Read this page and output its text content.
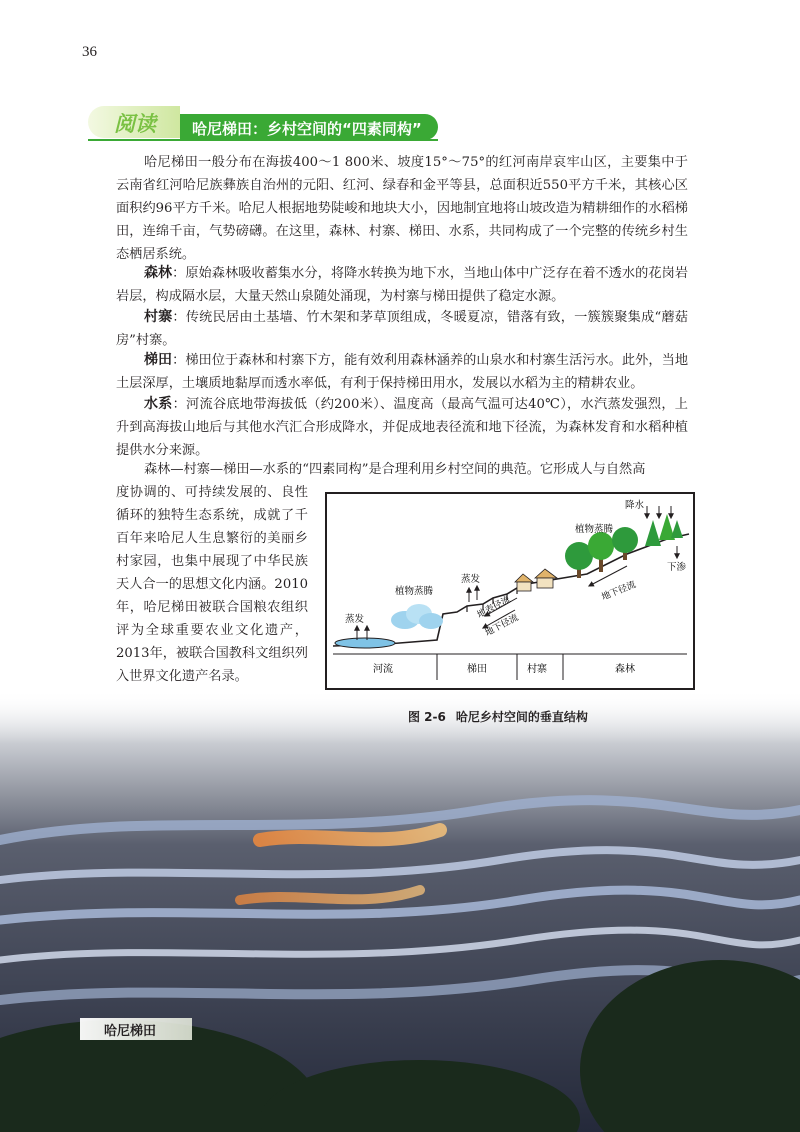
36
阅读 哈尼梯田：乡村空间的“四素同构”

哈尼梯田一般分布在海拔400～1 800米、坡度15°～75°的红河南岸哀牢山区，主要集中于云南省红河哈尼族彝族自治州的元阳、红河、绿春和金平等县，总面积近550平方千米，其核心区面积约96平方千米。哈尼人根据地势陡峻和地块大小，因地制宜地将山坡改造为精耕细作的水稻梯田，连绵千亩，气势磅礴。在这里，森林、村寨、梯田、水系，共同构成了一个完整的传统乡村生态栖居系统。

森林：原始森林吸收蓄集水分，将降水转换为地下水，当地山体中广泛存在着不透水的花岗岩岩层，构成隔水层，大量天然山泉随处涌现，为村寨与梯田提供了稳定水源。

村寨：传统民居由土基墙、竹木架和茅草顶组成，冬暖夏凉，错落有致，一簇簇聚集成“蘑菇房”村寨。

梯田：梯田位于森林和村寨下方，能有效利用森林涵养的山泉水和村寨生活污水。此外，当地土层深厚，土壤质地黏厚而透水率低，有利于保持梯田用水，发展以水稻为主的精耕农业。

水系：河流谷底地带海拔低（约200米）、温度高（最高气温可达40℃），水汽蒸发强烈，上升到高海拔山地后与其他水汽汇合形成降水，并促成地表径流和地下径流，为森林发育和水稻种植提供水分来源。

森林—村寨—梯田—水系的“四素同构”是合理利用乡村空间的典范。它形成人与自然高

度协调的、可持续发展的、良性循环的独特生态系统，成就了千百年来哈尼人生息繁衍的美丽乡村家园，也集中展现了中华民族天人合一的思想文化内涵。2010年，哈尼梯田被联合国粮农组织评为全球重要农业文化遗产，2013年，被联合国教科文组织列入世界文化遗产名录。

降水
植物蒸腾
植物蒸腾
蒸发
蒸发	地表径流
地下径流
地下径流
下渗
河流	梯田	村寨	森林
哈尼梯田
图 2-6 哈尼乡村空间的垂直结构
